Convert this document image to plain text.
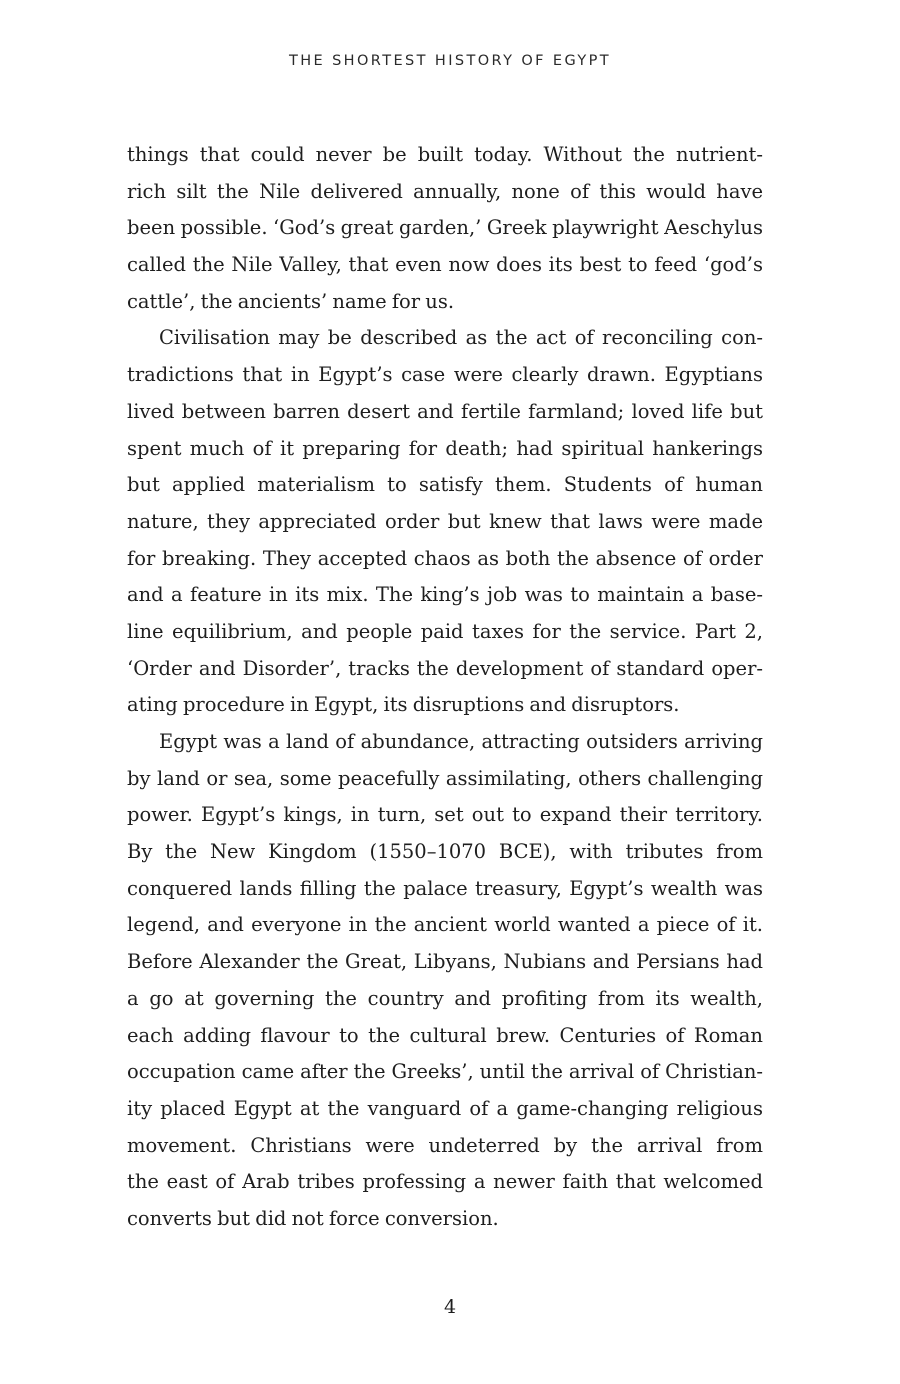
THE SHORTEST HISTORY OF EGYPT
things that could never be built today. Without the nutrient-
rich silt the Nile delivered annually, none of this would have
been possible. ‘God’s great garden,’ Greek playwright Aeschylus
called the Nile Valley, that even now does its best to feed ‘god’s
cattle’, the ancients’ name for us.
Civilisation may be described as the act of reconciling con-
tradictions that in Egypt’s case were clearly drawn. Egyptians
lived between barren desert and fertile farmland; loved life but
spent much of it preparing for death; had spiritual hankerings
but applied materialism to satisfy them. Students of human
nature, they appreciated order but knew that laws were made
for breaking. They accepted chaos as both the absence of order
and a feature in its mix. The king’s job was to maintain a base-
line equilibrium, and people paid taxes for the service. Part 2,
‘Order and Disorder’, tracks the development of standard oper-
ating procedure in Egypt, its disruptions and disruptors.
Egypt was a land of abundance, attracting outsiders arriving
by land or sea, some peacefully assimilating, others challenging
power. Egypt’s kings, in turn, set out to expand their territory.
By the New Kingdom (1550–1070 BCE), with tributes from
conquered lands filling the palace treasury, Egypt’s wealth was
legend, and everyone in the ancient world wanted a piece of it.
Before Alexander the Great, Libyans, Nubians and Persians had
a go at governing the country and profiting from its wealth,
each adding flavour to the cultural brew. Centuries of Roman
occupation came after the Greeks’, until the arrival of Christian-
ity placed Egypt at the vanguard of a game-changing religious
movement. Christians were undeterred by the arrival from
the east of Arab tribes professing a newer faith that welcomed
converts but did not force conversion.
4
